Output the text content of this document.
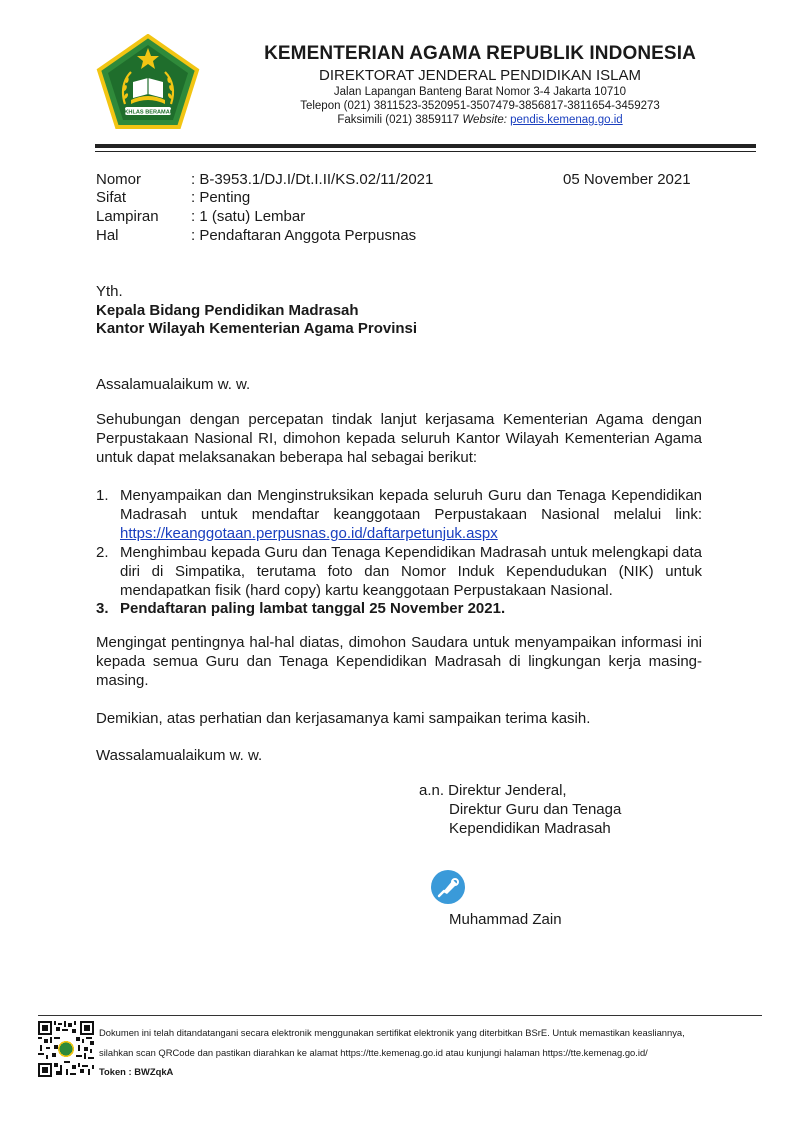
IKHLAS BERAMAL
KEMENTERIAN AGAMA REPUBLIK INDONESIA
DIREKTORAT JENDERAL PENDIDIKAN ISLAM
Jalan Lapangan Banteng Barat Nomor 3-4 Jakarta 10710
Telepon (021) 3811523-3520951-3507479-3856817-3811654-3459273
Faksimili (021) 3859117 Website: pendis.kemenag.go.id
Nomor	: B-3953.1/DJ.I/Dt.I.II/KS.02/11/2021
Sifat	: Penting
Lampiran : 1 (satu) Lembar
Hal	: Pendaftaran Anggota Perpusnas
05 November 2021
Yth.
Kepala Bidang Pendidikan Madrasah
Kantor Wilayah Kementerian Agama Provinsi
Assalamualaikum w. w.
Sehubungan dengan percepatan tindak lanjut kerjasama Kementerian Agama dengan Perpustakaan Nasional RI, dimohon kepada seluruh Kantor Wilayah Kementerian Agama untuk dapat melaksanakan beberapa hal sebagai berikut:
1. Menyampaikan dan Menginstruksikan kepada seluruh Guru dan Tenaga Kependidikan Madrasah untuk mendaftar keanggotaan Perpustakaan Nasional melalui link: https://keanggotaan.perpusnas.go.id/daftarpetunjuk.aspx
2. Menghimbau kepada Guru dan Tenaga Kependidikan Madrasah untuk melengkapi data diri di Simpatika, terutama foto dan Nomor Induk Kependudukan (NIK) untuk mendapatkan fisik (hard copy) kartu keanggotaan Perpustakaan Nasional.
3. Pendaftaran paling lambat tanggal 25 November 2021.
Mengingat pentingnya hal-hal diatas, dimohon Saudara untuk menyampaikan informasi ini kepada semua Guru dan Tenaga Kependidikan Madrasah di lingkungan kerja masing-masing.
Demikian, atas perhatian dan kerjasamanya kami sampaikan terima kasih.
Wassalamualaikum w. w.
a.n. Direktur Jenderal,
Direktur Guru dan Tenaga
Kependidikan Madrasah
Muhammad Zain
Dokumen ini telah ditandatangani secara elektronik menggunakan sertifikat elektronik yang diterbitkan BSrE. Untuk memastikan keasliannya,
silahkan scan QRCode dan pastikan diarahkan ke alamat https://tte.kemenag.go.id atau kunjungi halaman https://tte.kemenag.go.id/
Token : BWZqkA
